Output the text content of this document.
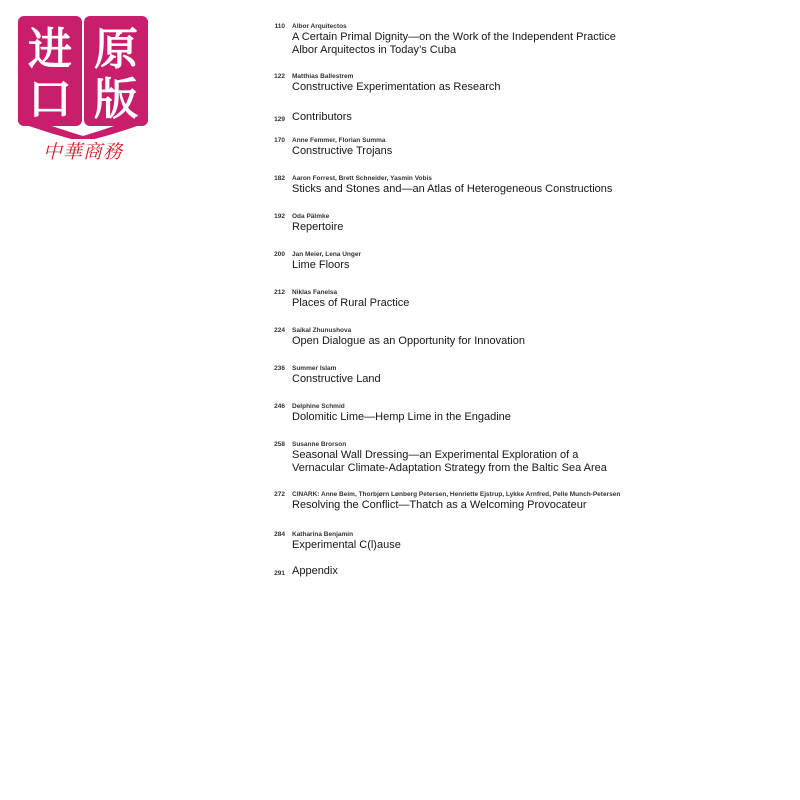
进 原
口 版
中華商務
110 Albor Arquitectos
A Certain Primal Dignity—on the Work of the Independent Practice
Albor Arquitectos in Today’s Cuba
122 Matthias Ballestrem
Constructive Experimentation as Research
129 Contributors
170 Anne Femmer, Florian Summa
Constructive Trojans
182 Aaron Forrest, Brett Schneider, Yasmin Vobis
Sticks and Stones and—an Atlas of Heterogeneous Constructions
192 Oda Pälmke
Repertoire
200 Jan Meier, Lena Unger
Lime Floors
212 Niklas Fanelsa
Places of Rural Practice
224 Saikal Zhunushova
Open Dialogue as an Opportunity for Innovation
236 Summer Islam
Constructive Land
246 Delphine Schmid
Dolomitic Lime—Hemp Lime in the Engadine
258 Susanne Brorson
Seasonal Wall Dressing—an Experimental Exploration of a
Vernacular Climate-Adaptation Strategy from the Baltic Sea Area
272 CINARK: Anne Beim, Thorbjørn Lønberg Petersen, Henriette Ejstrup, Lykke Arnfred, Pelle Munch-Petersen
Resolving the Conflict—Thatch as a Welcoming Provocateur
284 Katharina Benjamin
Experimental C(l)ause
291 Appendix
